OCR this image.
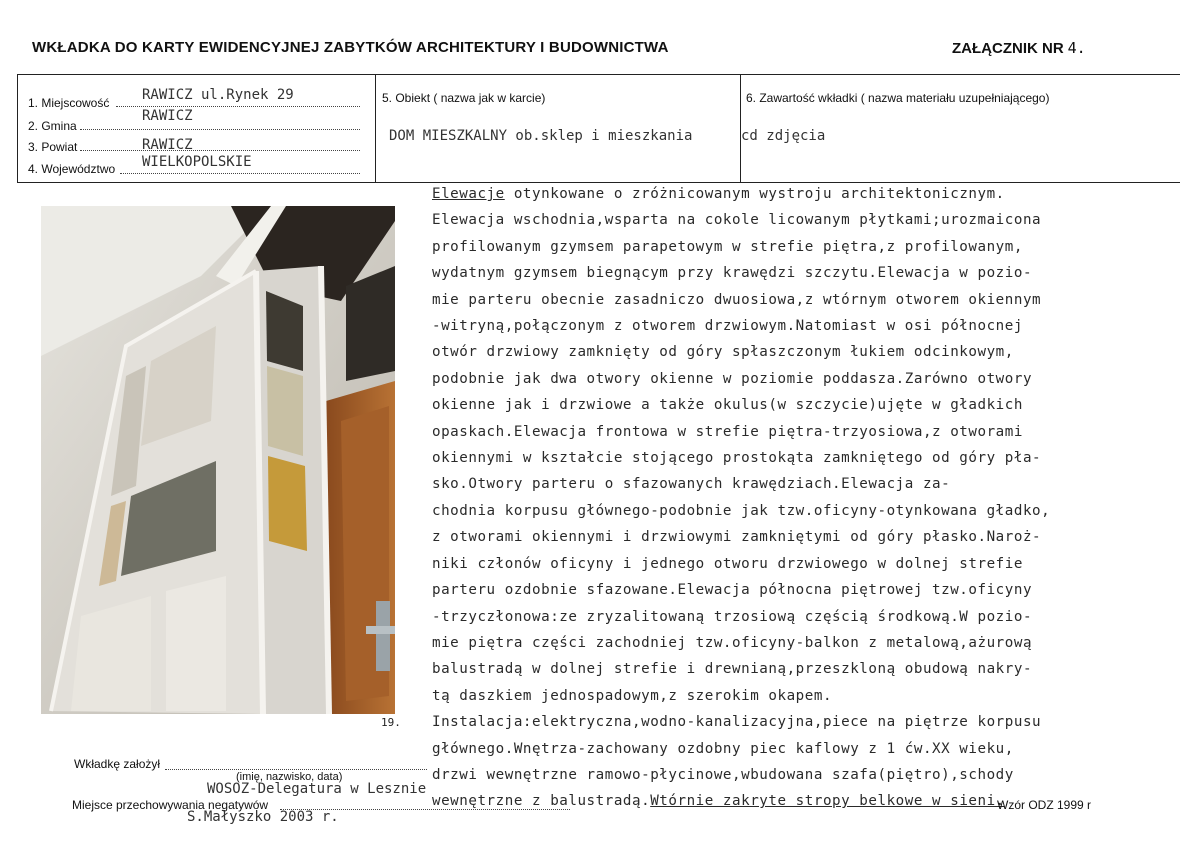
WKŁADKA DO KARTY EWIDENCYJNEJ ZABYTKÓW ARCHITEKTURY I BUDOWNICTWA	ZAŁĄCZNIK NR 4.
1. Miejscowość RAWICZ ul.Rynek 29
2. Gmina
RAWICZ
3. Powiat	RAWICZ
4. Województwo WIELKOPOLSKIE
5. Obiekt ( nazwa jak w karcie)
DOM MIESZKALNY ob.sklep i mieszkania
6. Zawartość wkładki ( nazwa materiału uzupełniającego)
cd zdjęcia
19.
Elewacje otynkowane o zróżnicowanym wystroju architektonicznym.
Elewacja wschodnia,wsparta na cokole licowanym płytkami;urozmaicona
profilowanym gzymsem parapetowym w strefie piętra,z profilowanym,
wydatnym gzymsem biegnącym przy krawędzi szczytu.Elewacja w pozio-
mie parteru obecnie zasadniczo dwuosiowa,z wtórnym otworem okiennym
-witryną,połączonym z otworem drzwiowym.Natomiast w osi północnej
otwór drzwiowy zamknięty od góry spłaszczonym łukiem odcinkowym,
podobnie jak dwa otwory okienne w poziomie poddasza.Zarówno otwory
okienne jak i drzwiowe a także okulus(w szczycie)ujęte w gładkich
opaskach.Elewacja frontowa w strefie piętra-trzyosiowa,z otworami
okiennymi w kształcie stojącego prostokąta zamkniętego od góry pła-
sko.Otwory parteru o sfazowanych krawędziach.Elewacja za-
chodnia korpusu głównego-podobnie jak tzw.oficyny-otynkowana gładko,
z otworami okiennymi i drzwiowymi zamkniętymi od góry płasko.Naroż-
niki członów oficyny i jednego otworu drzwiowego w dolnej strefie
parteru ozdobnie sfazowane.Elewacja północna piętrowej tzw.oficyny
-trzyczłonowa:ze zryzalitowaną trzosiową częścią środkową.W pozio-
mie piętra części zachodniej tzw.oficyny-balkon z metalową,ażurową
balustradą w dolnej strefie i drewnianą,przeszkloną obudową nakry-
tą daszkiem jednospadowym,z szerokim okapem.
Instalacja:elektryczna,wodno-kanalizacyjna,piece na piętrze korpusu
głównego.Wnętrza-zachowany ozdobny piec kaflowy z 1 ćw.XX wieku,
drzwi wewnętrzne ramowo-płycinowe,wbudowana szafa(piętro),schody
wewnętrzne z balustradą.Wtórnie zakryte stropy belkowe w sieni.
Wkładkę założył
(imię, nazwisko, data)
WOSOZ-Delegatura w Lesznie
Miejsce przechowywania negatywów
S.Małyszko 2003 r.
Wzór ODZ 1999 r
